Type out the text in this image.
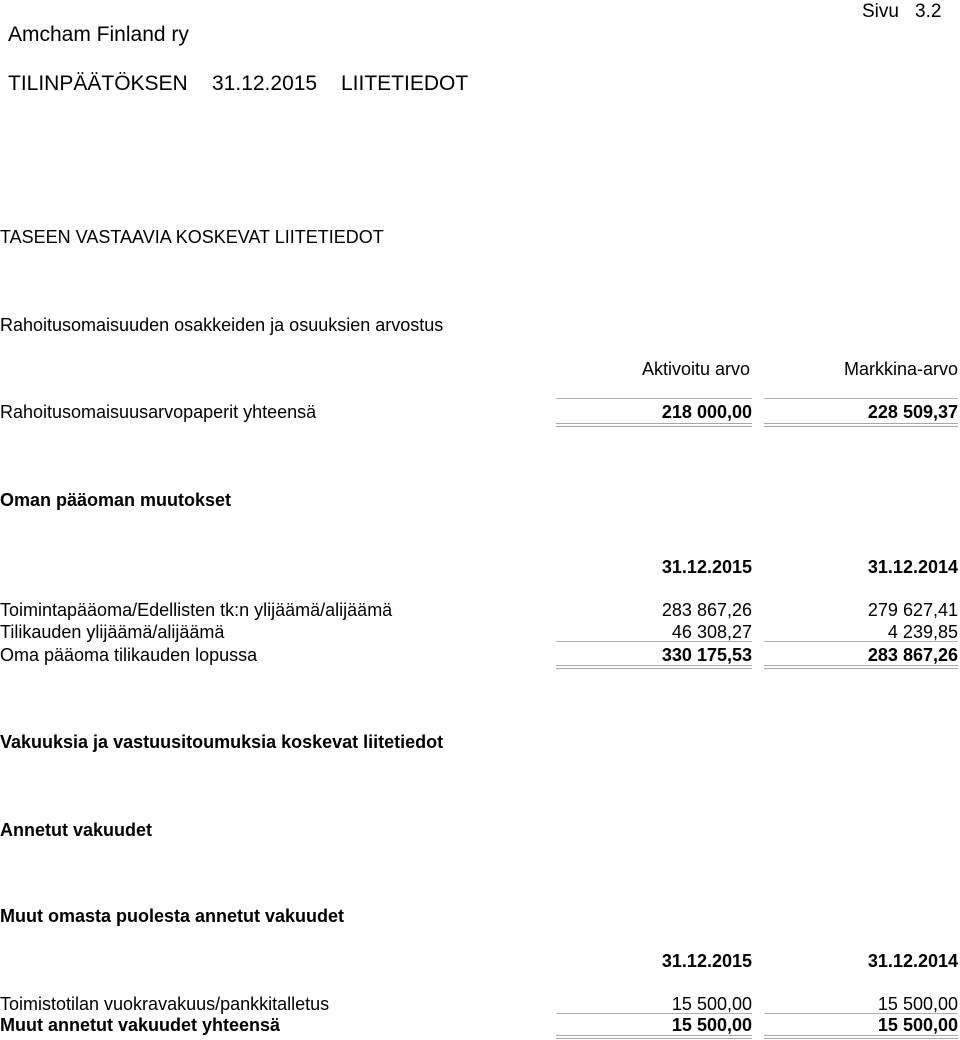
Amcham Finland ry
Sivu 3.2
TILINPÄÄTÖKSEN 31.12.2015 LIITETIEDOT
TASEEN VASTAAVIA KOSKEVAT LIITETIEDOT
Rahoitusomaisuuden osakkeiden ja osuuksien arvostus
Aktivoitu arvo	Markkina-arvo
Rahoitusomaisuusarvopaperit yhteensä	218 000,00	228 509,37
Oman pääoman muutokset
31.12.2015	31.12.2014
Toimintapääoma/Edellisten tk:n ylijäämä/alijäämä	283 867,26	279 627,41
Tilikauden ylijäämä/alijäämä	46 308,27	4 239,85
Oma pääoma tilikauden lopussa	330 175,53	283 867,26
Vakuuksia ja vastuusitoumuksia koskevat liitetiedot
Annetut vakuudet
Muut omasta puolesta annetut vakuudet
31.12.2015	31.12.2014
Toimistotilan vuokravakuus/pankkitalletus	15 500,00	15 500,00
Muut annetut vakuudet yhteensä	15 500,00	15 500,00
